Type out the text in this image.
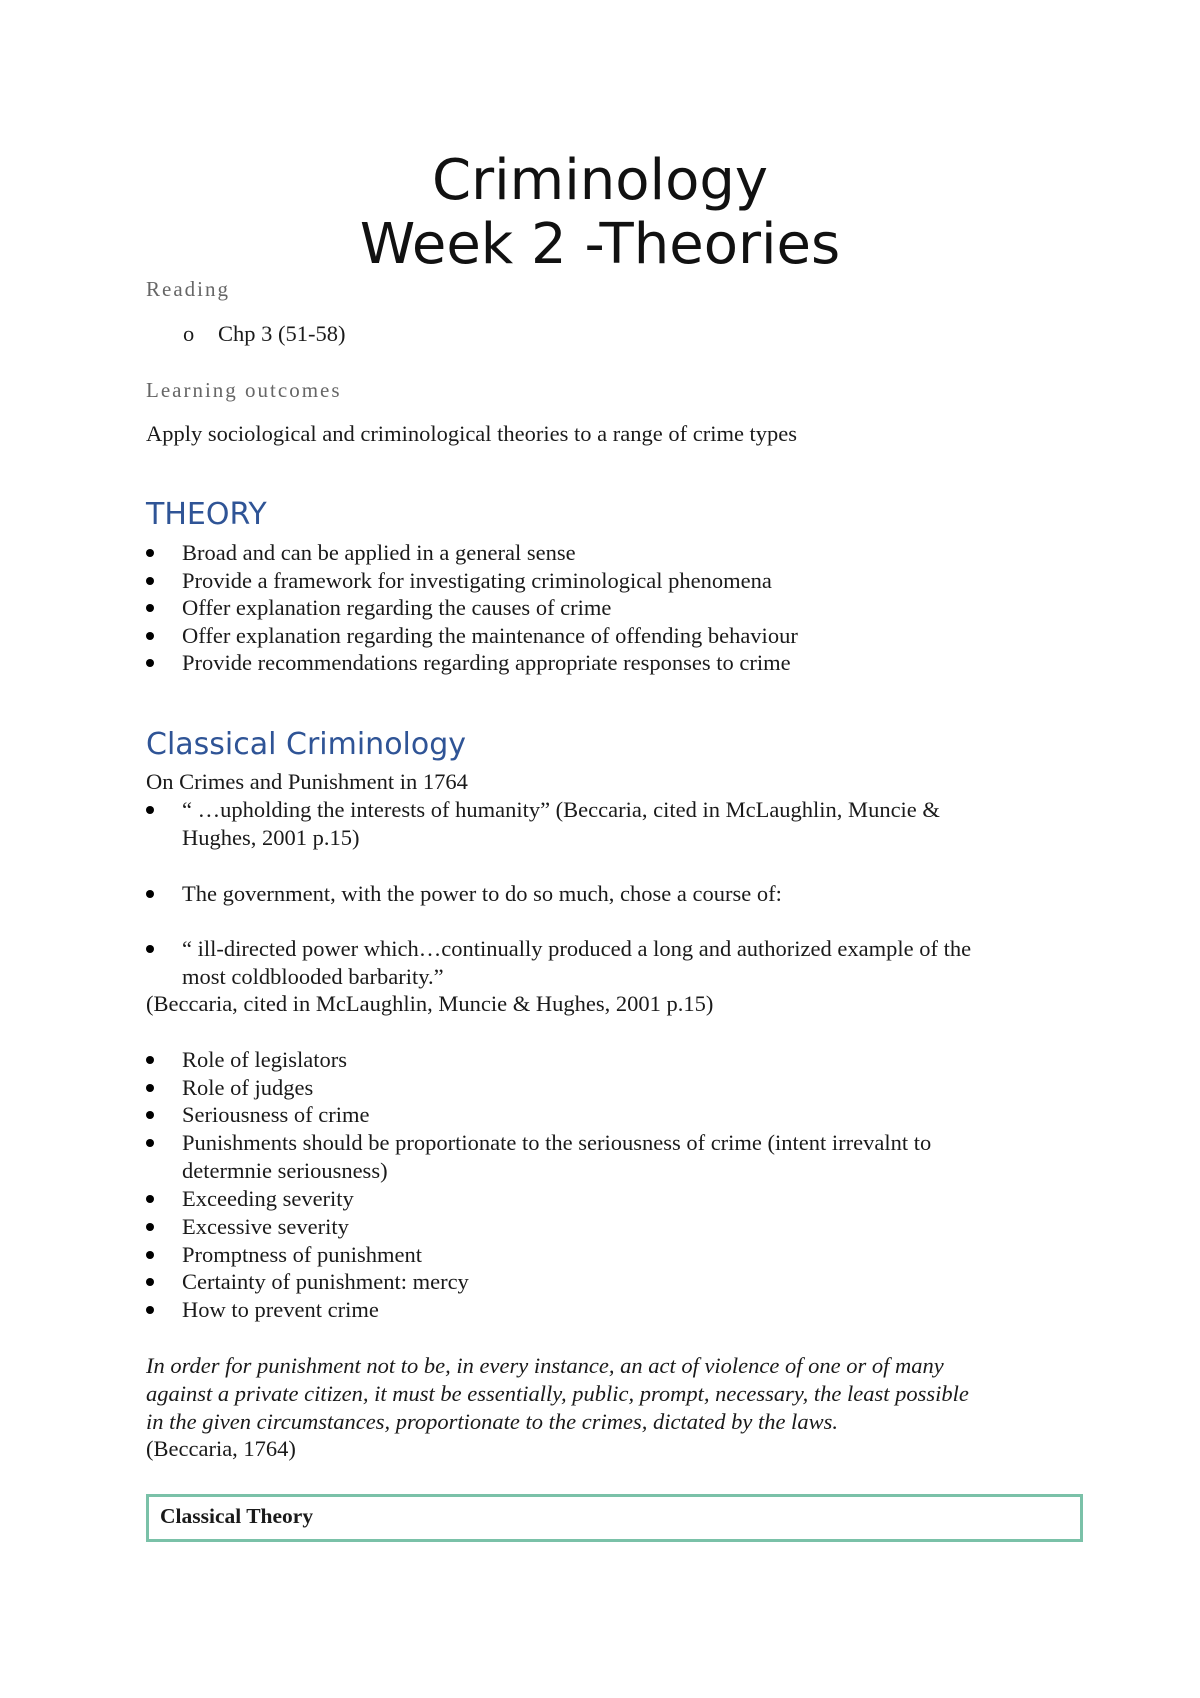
Criminology
Week 2 -Theories
Reading
o Chp 3 (51-58)
Learning outcomes
Apply sociological and criminological theories to a range of crime types
THEORY
Broad and can be applied in a general sense
Provide a framework for investigating criminological phenomena
Offer explanation regarding the causes of crime
Offer explanation regarding the maintenance of offending behaviour
Provide recommendations regarding appropriate responses to crime
Classical Criminology
On Crimes and Punishment in 1764
“ …upholding the interests of humanity” (Beccaria, cited in McLaughlin, Muncie &
Hughes, 2001 p.15)
The government, with the power to do so much, chose a course of:
“ ill-directed power which…continually produced a long and authorized example of the
most coldblooded barbarity.”
(Beccaria, cited in McLaughlin, Muncie & Hughes, 2001 p.15)
Role of legislators
Role of judges
Seriousness of crime
Punishments should be proportionate to the seriousness of crime (intent irrevalnt to
determnie seriousness)
Exceeding severity
Excessive severity
Promptness of punishment
Certainty of punishment: mercy
How to prevent crime
In order for punishment not to be, in every instance, an act of violence of one or of many
against a private citizen, it must be essentially, public, prompt, necessary, the least possible
in the given circumstances, proportionate to the crimes, dictated by the laws.
(Beccaria, 1764)
Classical Theory
